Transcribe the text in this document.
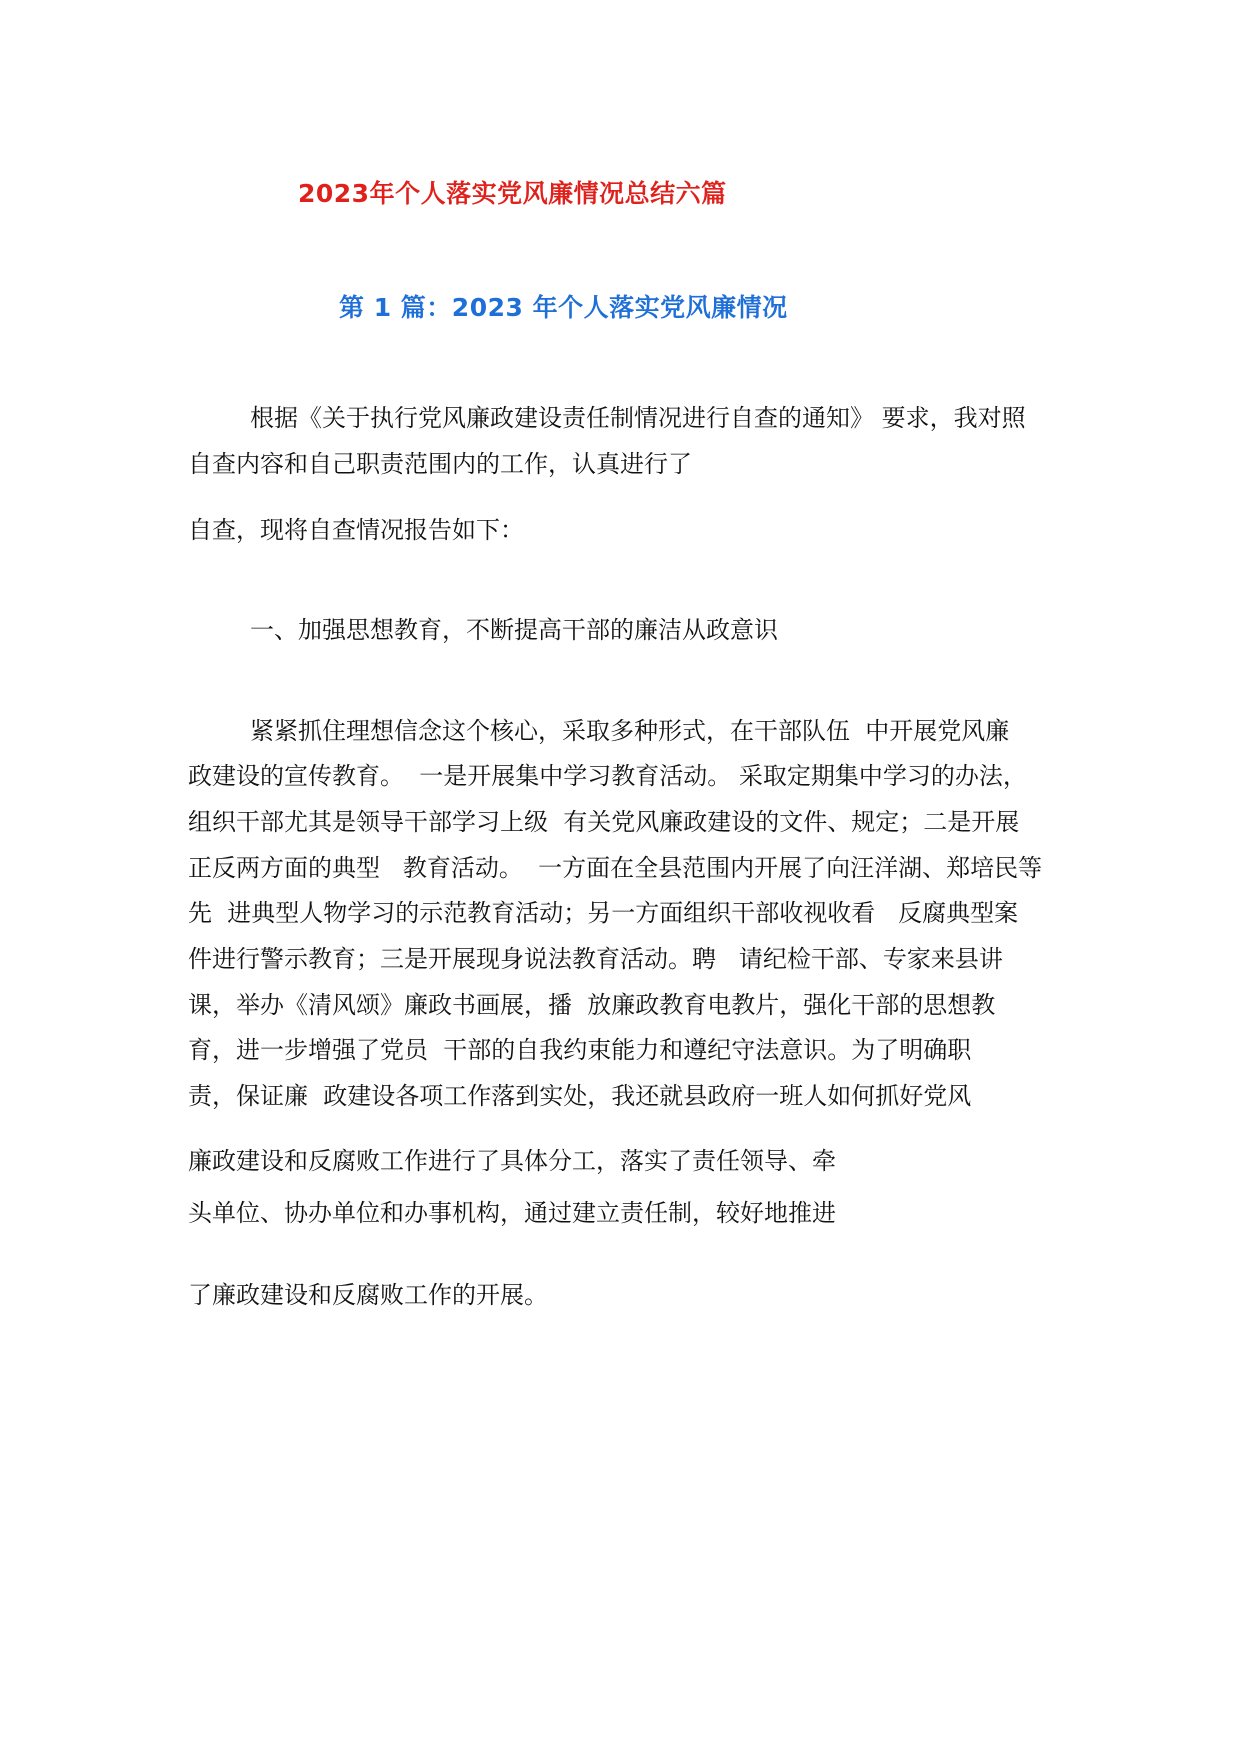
2023年个人落实党风廉情况总结六篇
第 1 篇：2023 年个人落实党风廉情况
根据《关于执行党风廉政建设责任制情况进行自查的通知》 要求，我对照
自查内容和自己职责范围内的工作，认真进行了
自查，现将自查情况报告如下：
一、加强思想教育，不断提高干部的廉洁从政意识
紧紧抓住理想信念这个核心，采取多种形式，在干部队伍  中开展党风廉
政建设的宣传教育。  一是开展集中学习教育活动。 采取定期集中学习的办法，
组织干部尤其是领导干部学习上级  有关党风廉政建设的文件、规定；二是开展
正反两方面的典型   教育活动。  一方面在全县范围内开展了向汪洋湖、郑培民等
先  进典型人物学习的示范教育活动；另一方面组织干部收视收看   反腐典型案
件进行警示教育；三是开展现身说法教育活动。聘   请纪检干部、专家来县讲
课，举办《清风颂》廉政书画展，播  放廉政教育电教片，强化干部的思想教
育，进一步增强了党员  干部的自我约束能力和遵纪守法意识。为了明确职
责，保证廉  政建设各项工作落到实处，我还就县政府一班人如何抓好党风
廉政建设和反腐败工作进行了具体分工，落实了责任领导、牵
头单位、协办单位和办事机构，通过建立责任制，较好地推进
了廉政建设和反腐败工作的开展。
